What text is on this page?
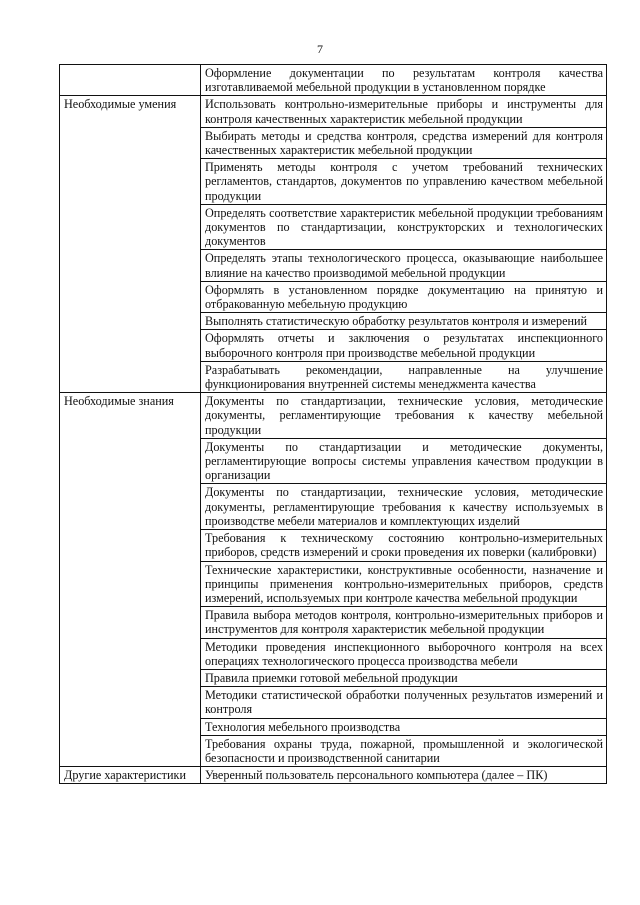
7
	Оформление документации по результатам контроля качества изготавливаемой мебельной продукции в установленном порядке
Необходимые умения	Использовать контрольно-измерительные приборы и инструменты для контроля качественных характеристик мебельной продукции
	Выбирать методы и средства контроля, средства измерений для контроля качественных характеристик мебельной продукции
	Применять методы контроля с учетом требований технических регламентов, стандартов, документов по управлению качеством мебельной продукции
	Определять соответствие характеристик мебельной продукции требованиям документов по стандартизации, конструкторских и технологических документов
	Определять этапы технологического процесса, оказывающие наибольшее влияние на качество производимой мебельной продукции
	Оформлять в установленном порядке документацию на принятую и отбракованную мебельную продукцию
	Выполнять статистическую обработку результатов контроля и измерений
	Оформлять отчеты и заключения о результатах инспекционного выборочного контроля при производстве мебельной продукции
	Разрабатывать рекомендации, направленные на улучшение функционирования внутренней системы менеджмента качества
Необходимые знания	Документы по стандартизации, технические условия, методические документы, регламентирующие требования к качеству мебельной продукции
	Документы по стандартизации и методические документы, регламентирующие вопросы системы управления качеством продукции в организации
	Документы по стандартизации, технические условия, методические документы, регламентирующие требования к качеству используемых в производстве мебели материалов и комплектующих изделий
	Требования к техническому состоянию контрольно-измерительных приборов, средств измерений и сроки проведения их поверки (калибровки)
	Технические характеристики, конструктивные особенности, назначение и принципы применения контрольно-измерительных приборов, средств измерений, используемых при контроле качества мебельной продукции
	Правила выбора методов контроля, контрольно-измерительных приборов и инструментов для контроля характеристик мебельной продукции
	Методики проведения инспекционного выборочного контроля на всех операциях технологического процесса производства мебели
	Правила приемки готовой мебельной продукции
	Методики статистической обработки полученных результатов измерений и контроля
	Технология мебельного производства
	Требования охраны труда, пожарной, промышленной и экологической безопасности и производственной санитарии
Другие характеристики	Уверенный пользователь персонального компьютера (далее – ПК)
